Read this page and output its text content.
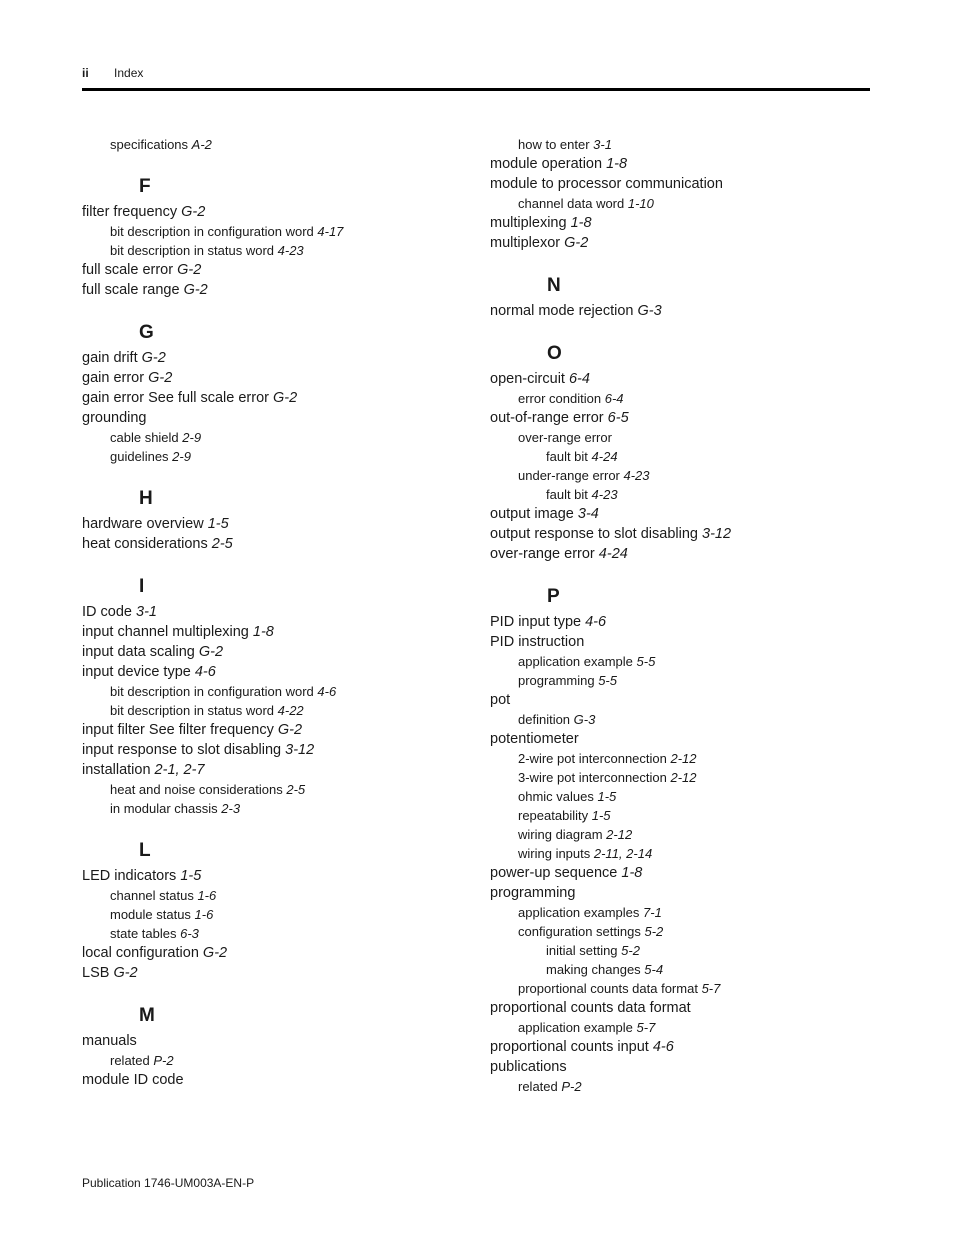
ii Index
specifications A-2
F
filter frequency G-2
bit description in configuration word 4-17
bit description in status word 4-23
full scale error G-2
full scale range G-2
G
gain drift G-2
gain error G-2
gain error See full scale error G-2
grounding
cable shield 2-9
guidelines 2-9
H
hardware overview 1-5
heat considerations 2-5
I
ID code 3-1
input channel multiplexing 1-8
input data scaling G-2
input device type 4-6
bit description in configuration word 4-6
bit description in status word 4-22
input filter See filter frequency G-2
input response to slot disabling 3-12
installation 2-1, 2-7
heat and noise considerations 2-5
in modular chassis 2-3
L
LED indicators 1-5
channel status 1-6
module status 1-6
state tables 6-3
local configuration G-2
LSB G-2
M
manuals
related P-2
module ID code
how to enter 3-1
module operation 1-8
module to processor communication
channel data word 1-10
multiplexing 1-8
multiplexor G-2
N
normal mode rejection G-3
O
open-circuit 6-4
error condition 6-4
out-of-range error 6-5
over-range error
fault bit 4-24
under-range error 4-23
fault bit 4-23
output image 3-4
output response to slot disabling 3-12
over-range error 4-24
P
PID input type 4-6
PID instruction
application example 5-5
programming 5-5
pot
definition G-3
potentiometer
2-wire pot interconnection 2-12
3-wire pot interconnection 2-12
ohmic values 1-5
repeatability 1-5
wiring diagram 2-12
wiring inputs 2-11, 2-14
power-up sequence 1-8
programming
application examples 7-1
configuration settings 5-2
initial setting 5-2
making changes 5-4
proportional counts data format 5-7
proportional counts data format
application example 5-7
proportional counts input 4-6
publications
related P-2
Publication 1746-UM003A-EN-P
